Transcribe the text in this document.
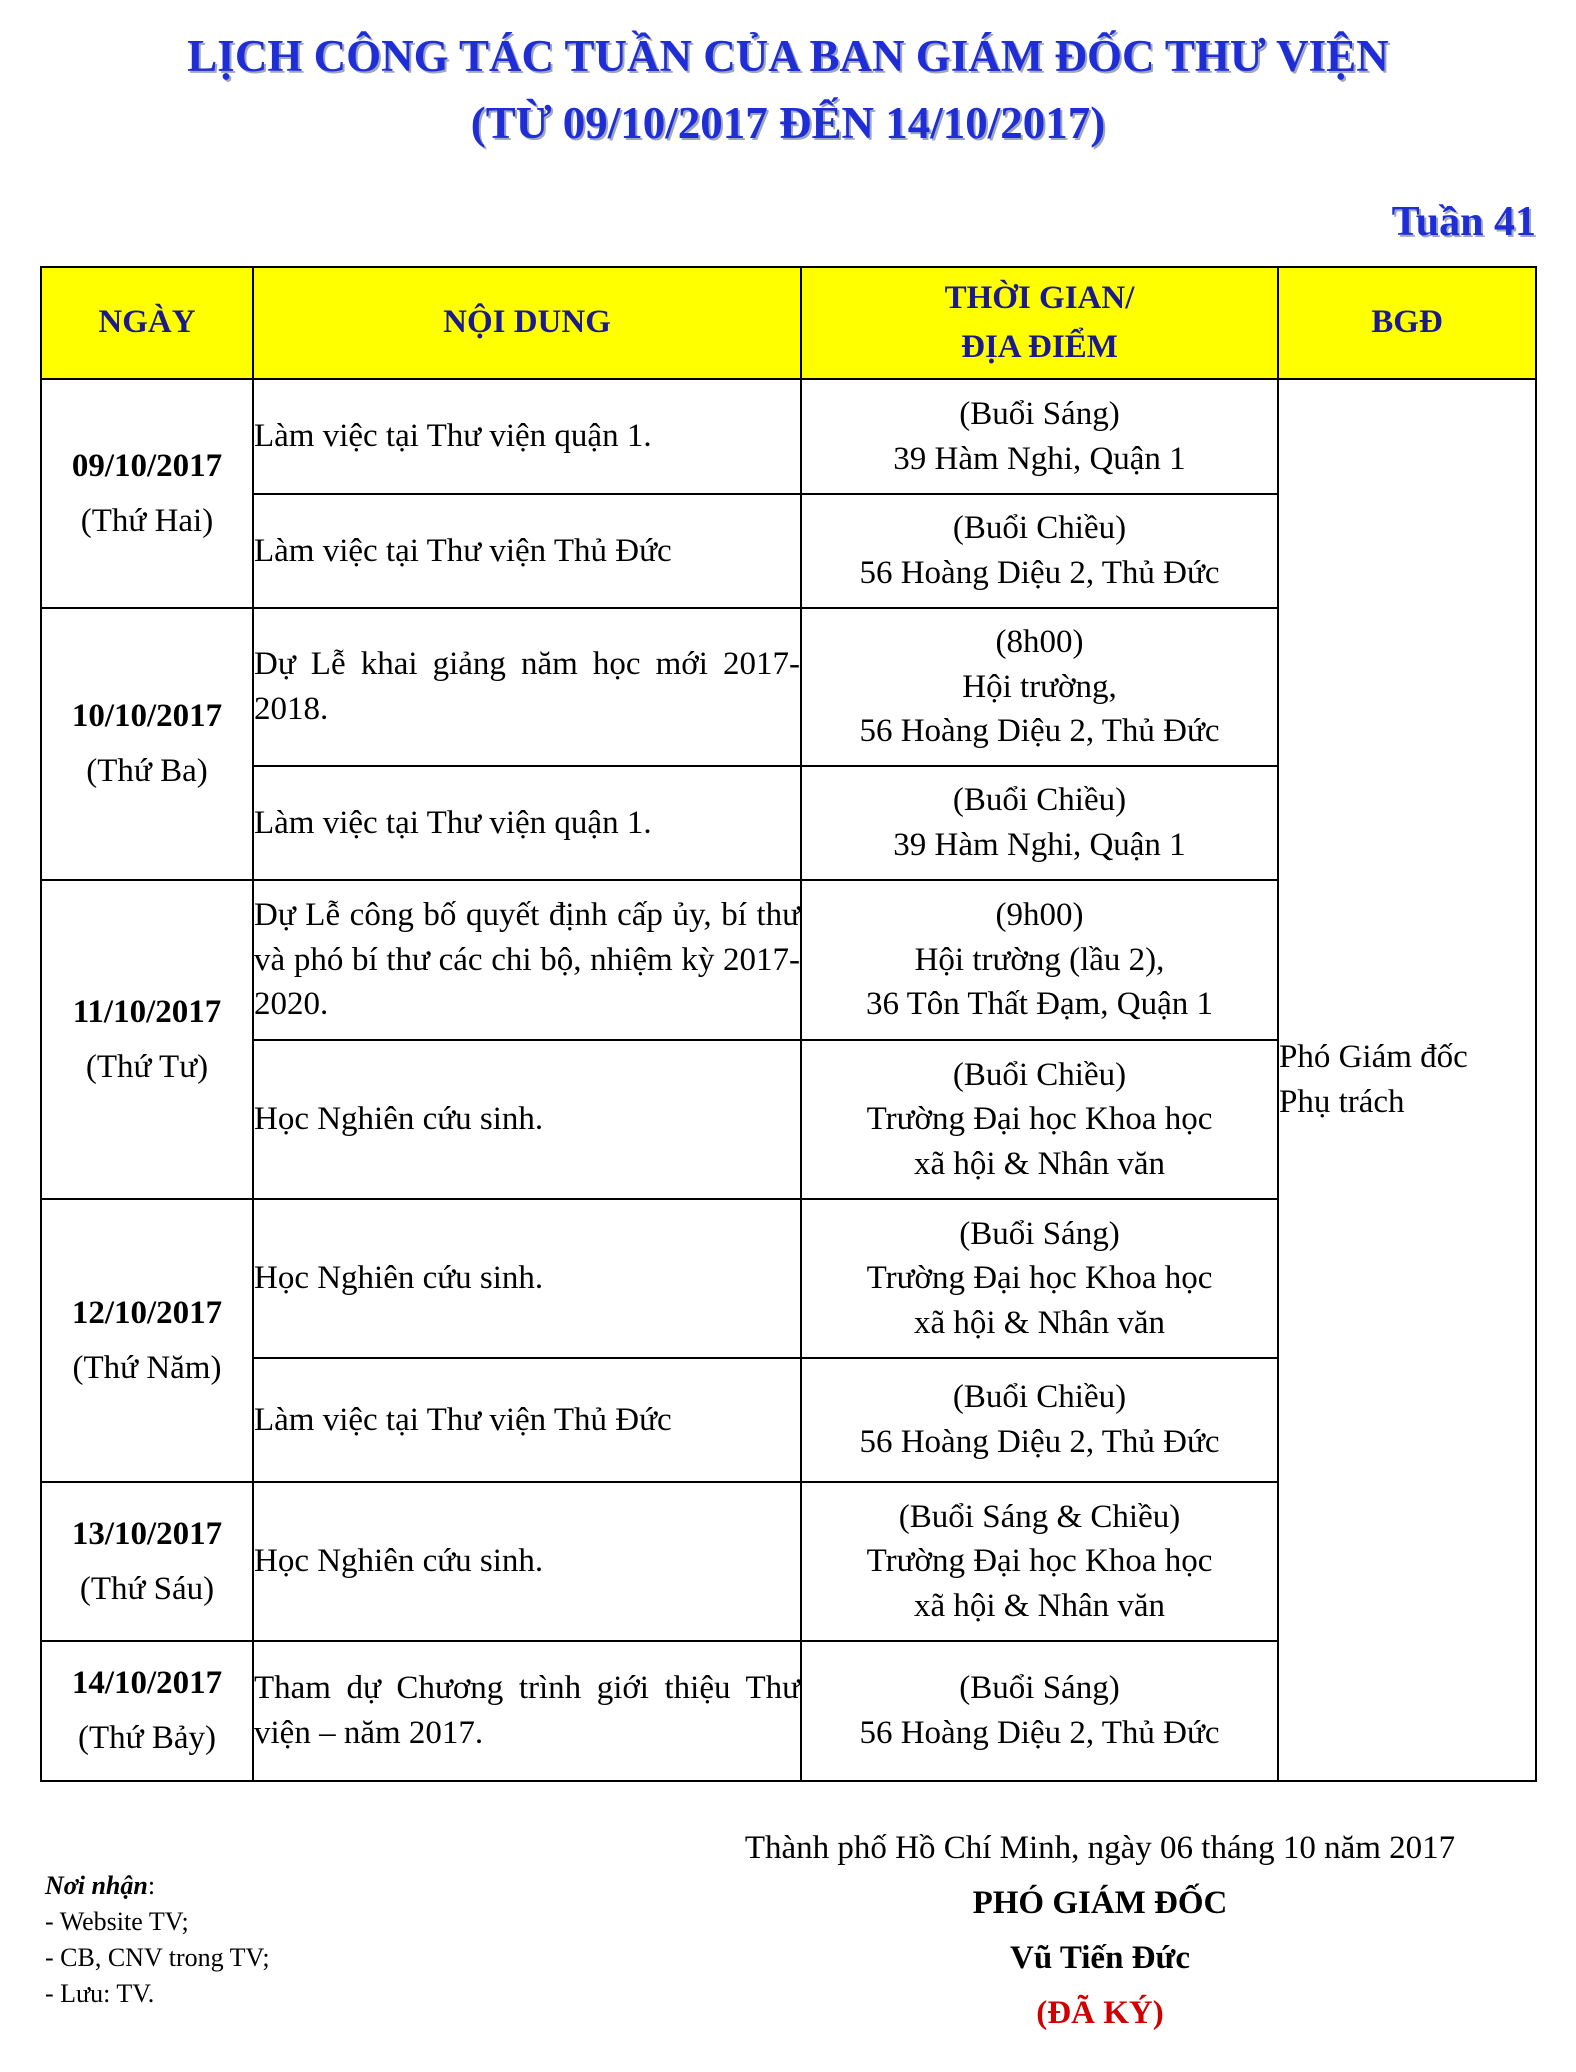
LỊCH CÔNG TÁC TUẦN CỦA BAN GIÁM ĐỐC THƯ VIỆN
(TỪ 09/10/2017 ĐẾN 14/10/2017)
Tuần 41
NGÀY	NỘI DUNG	THỜI GIAN/
ĐỊA ĐIỂM	BGĐ

09/10/2017
(Thứ Hai)	Làm việc tại Thư viện quận 1.	(Buổi Sáng)
39 Hàm Nghi, Quận 1	Phó Giám đốc
Phụ trách

	Làm việc tại Thư viện Thủ Đức	(Buổi Chiều)
56 Hoàng Diệu 2, Thủ Đức	

10/10/2017
(Thứ Ba)	Dự Lễ khai giảng năm học mới 2017-2018.	(8h00)
Hội trường,
56 Hoàng Diệu 2, Thủ Đức	

	Làm việc tại Thư viện quận 1.	(Buổi Chiều)
39 Hàm Nghi, Quận 1	

11/10/2017
(Thứ Tư)	Dự Lễ công bố quyết định cấp ủy, bí thư và phó bí thư các chi bộ, nhiệm kỳ 2017-2020.	(9h00)
Hội trường (lầu 2),
36 Tôn Thất Đạm, Quận 1	

	Học Nghiên cứu sinh.	(Buổi Chiều)
Trường Đại học Khoa học
xã hội & Nhân văn	

12/10/2017
(Thứ Năm)	Học Nghiên cứu sinh.	(Buổi Sáng)
Trường Đại học Khoa học
xã hội & Nhân văn	

	Làm việc tại Thư viện Thủ Đức	(Buổi Chiều)
56 Hoàng Diệu 2, Thủ Đức	

13/10/2017
(Thứ Sáu)	Học Nghiên cứu sinh.	(Buổi Sáng & Chiều)
Trường Đại học Khoa học
xã hội & Nhân văn	

14/10/2017
(Thứ Bảy)	Tham dự Chương trình giới thiệu Thư viện – năm 2017.	(Buổi Sáng)
56 Hoàng Diệu 2, Thủ Đức	
Thành phố Hồ Chí Minh, ngày 06 tháng 10 năm 2017
PHÓ GIÁM ĐỐC
Vũ Tiến Đức
(ĐÃ KÝ)
Nơi nhận:
- Website TV;
- CB, CNV trong TV;
- Lưu: TV.
